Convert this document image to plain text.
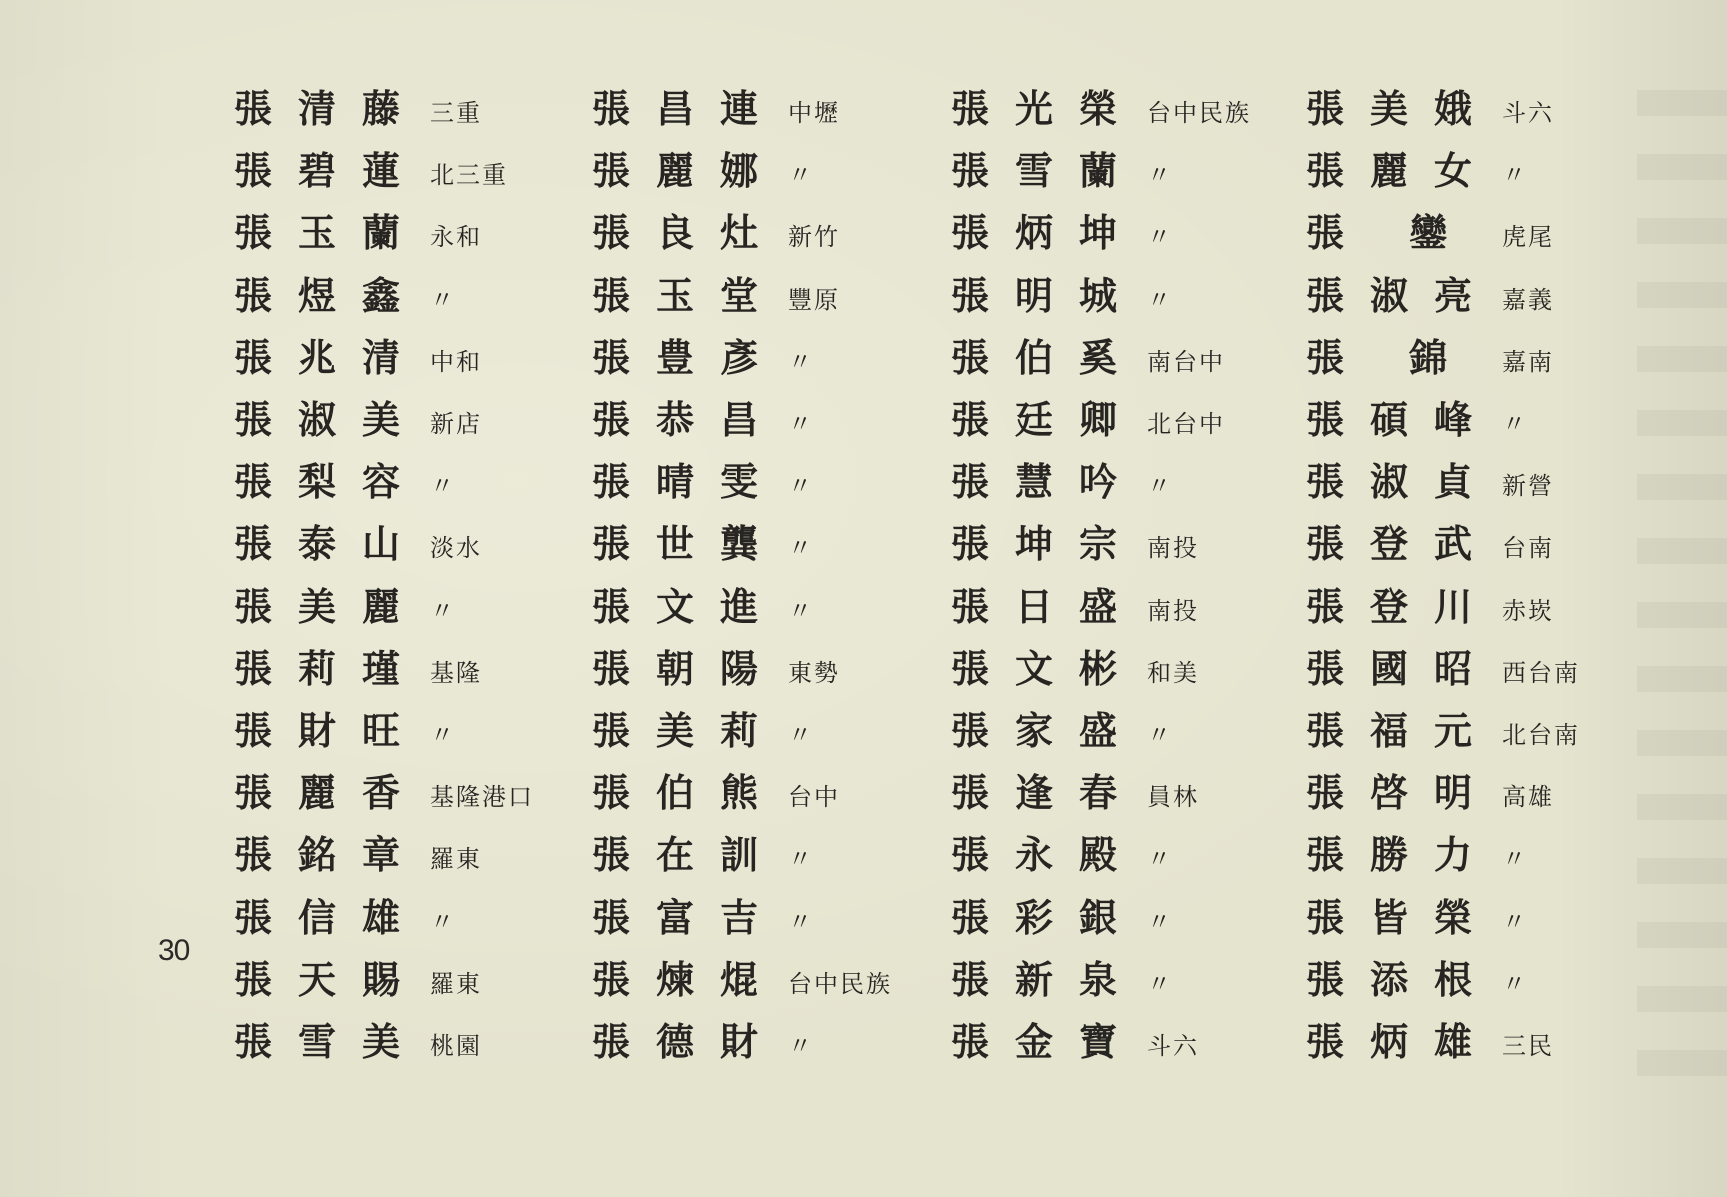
30
張清藤 三重	張昌連 中壢	張光榮 台中民族 張美娥 斗六
張碧蓮 北三重 張麗娜 〃	張雪蘭 〃	張麗女 〃
張玉蘭 永和	張良灶 新竹	張炳坤 〃	張 鑾	虎尾
張煜鑫 〃	張玉堂 豐原	張明城 〃	張淑亮 嘉義
張兆清 中和	張豊彥 〃	張伯奚 南台中 張 錦	嘉南
張淑美 新店	張恭昌 〃	張廷卿 北台中 張碩峰 〃
張梨容 〃	張晴雯 〃	張慧吟 〃	張淑貞 新營
張泰山 淡水	張世龔 〃	張坤宗 南投	張登武 台南
張美麗 〃	張文進 〃	張日盛 南投	張登川 赤崁
張莉瑾 基隆	張朝陽 東勢	張文彬 和美	張國昭 西台南
張財旺 〃	張美莉 〃	張家盛 〃	張福元 北台南
張麗香 基隆港口 張伯熊 台中	張逢春 員林	張啓明 高雄
張銘章 羅東	張在訓 〃	張永殿 〃	張勝力 〃
張信雄 〃	張富吉 〃	張彩銀 〃	張皆榮 〃
張天賜 羅東	張煉焜 台中民族 張新泉 〃	張添根 〃
張雪美 桃園	張德財 〃	張金寶 斗六	張炳雄 三民
